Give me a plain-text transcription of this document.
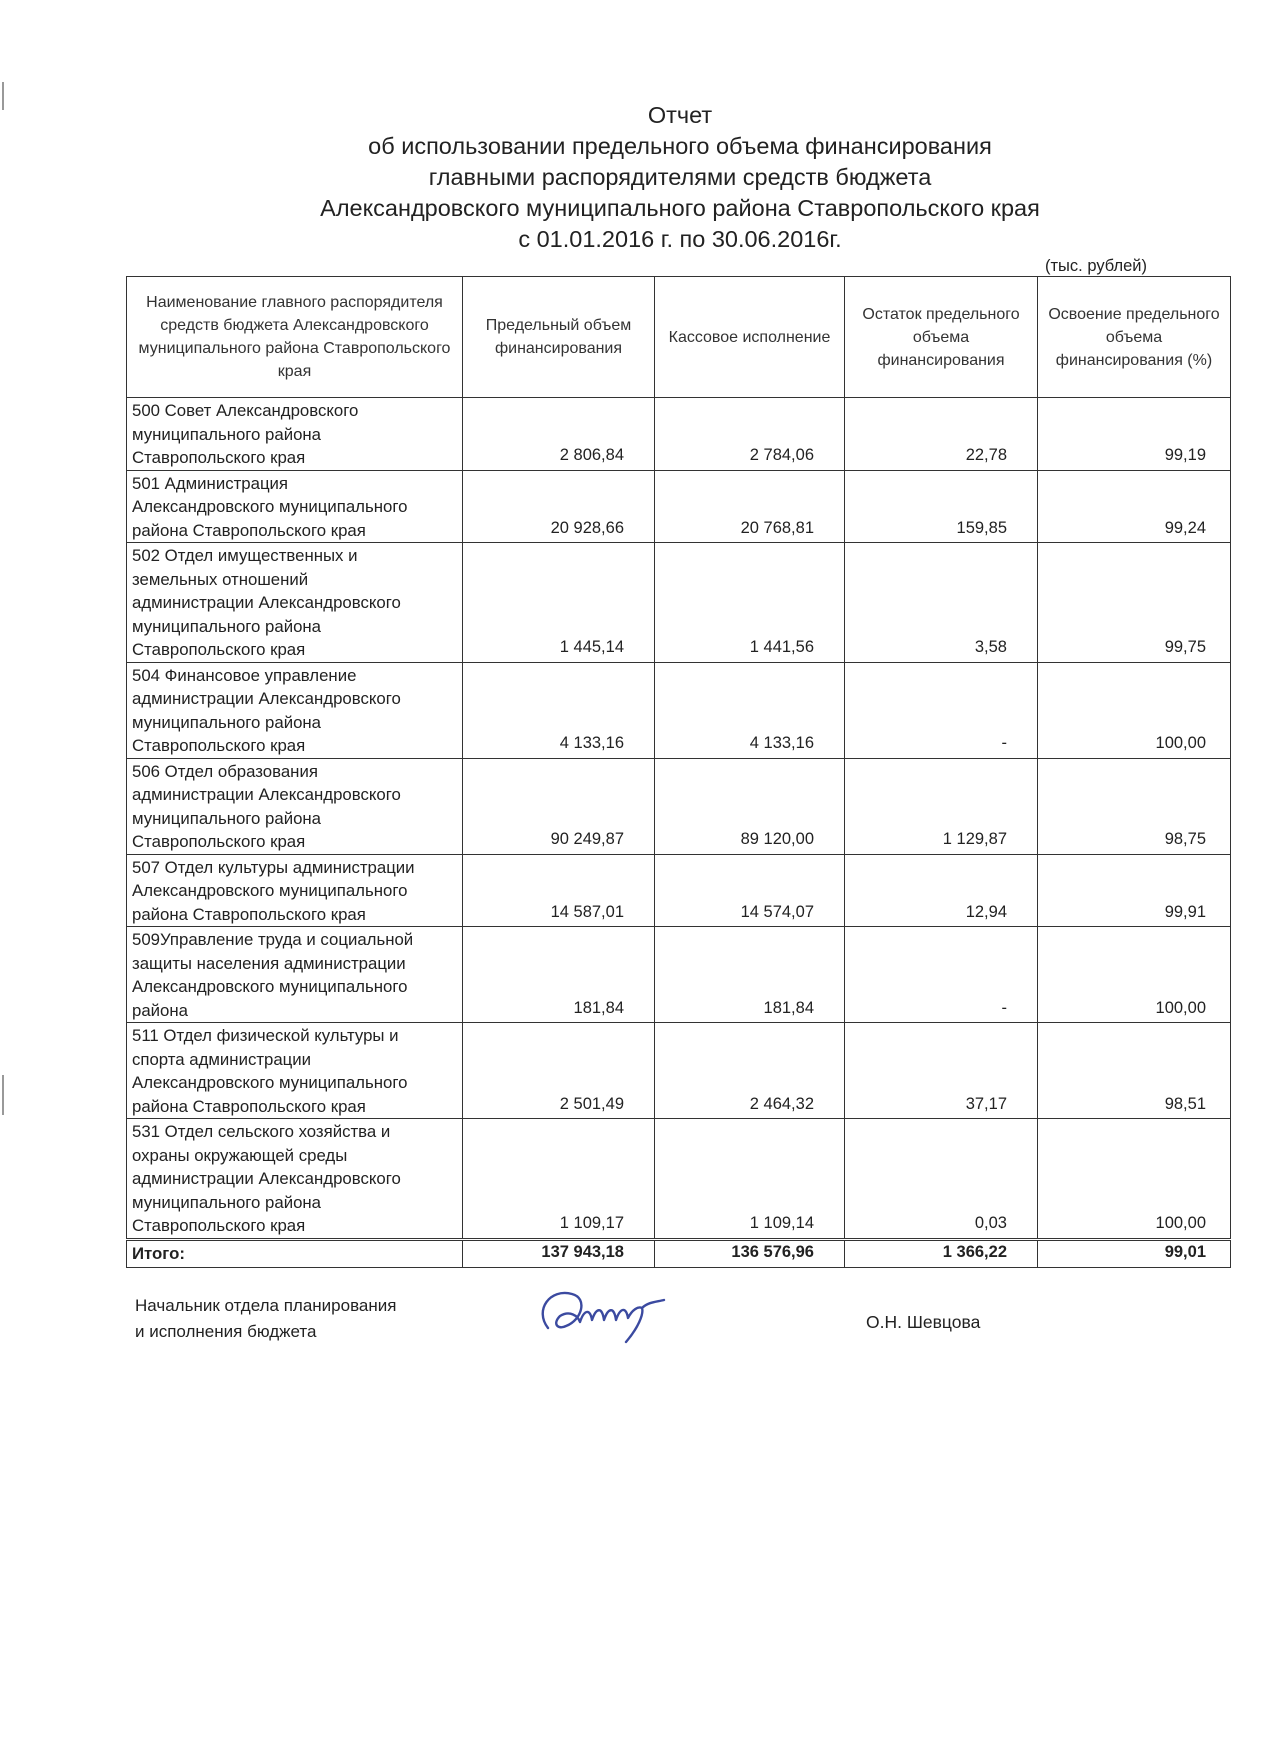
Отчет
об использовании предельного объема финансирования
главными распорядителями средств бюджета
Александровского муниципального района Ставропольского края
с 01.01.2016 г. по 30.06.2016г.
(тыс. рублей)
Наименование главного распорядителя средств бюджета Александровского муниципального района Ставропольского края	Предельный объем финансирования	Кассовое исполнение	Остаток предельного объема финансирования	Освоение предельного объема финансирования (%)

500 Совет Александровского
муниципального района
Ставропольского края	2 806,84	2 784,06	22,78	99,19

501 Администрация
Александровского муниципального
района Ставропольского края	20 928,66	20 768,81	159,85	99,24

502 Отдел имущественных и
земельных отношений
администрации Александровского
муниципального района
Ставропольского края	1 445,14	1 441,56	3,58	99,75

504 Финансовое управление
администрации Александровского
муниципального района
Ставропольского края	4 133,16	4 133,16	-	100,00

506 Отдел образования
администрации Александровского
муниципального района
Ставропольского края	90 249,87	89 120,00	1 129,87	98,75

507 Отдел культуры администрации
Александровского муниципального
района Ставропольского края	14 587,01	14 574,07	12,94	99,91

509Управление труда и социальной
защиты населения администрации
Александровского муниципального
района	181,84	181,84	-	100,00

511 Отдел физической культуры и
спорта администрации
Александровского муниципального
района Ставропольского края	2 501,49	2 464,32	37,17	98,51

531 Отдел сельского хозяйства и
охраны окружающей среды
администрации Александровского
муниципального района
Ставропольского края	1 109,17	1 109,14	0,03	100,00
Итого:	137 943,18	136 576,96	1 366,22	99,01
Начальник отдела планирования
и исполнения бюджета	О.Н. Шевцова
